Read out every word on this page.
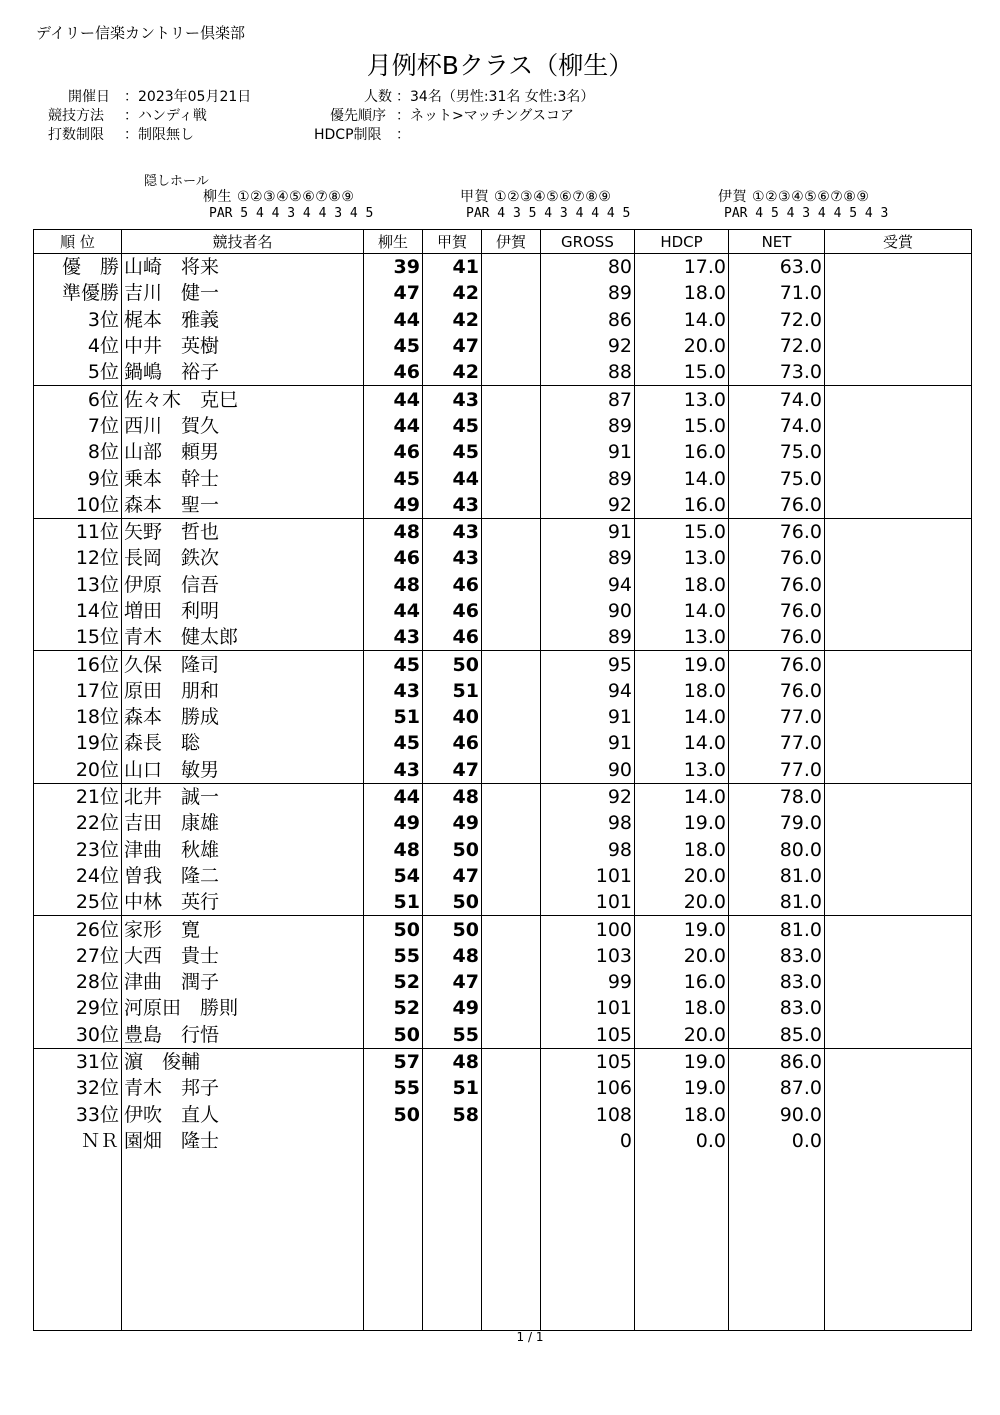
デイリー信楽カントリー倶楽部
月例杯Bクラス（柳生）
開催日 ：2023年05月21日
競技方法 ：ハンディ戦
打数制限 ：制限無し
人数 ：34名（男性:31名 女性:3名）
優先順序 ：ネット>マッチングスコア
HDCP制限 ：
隠しホール
柳生 ①②③④⑤⑥⑦⑧⑨
PAR 5 4 4 3 4 4 3 4 5
甲賀 ①②③④⑤⑥⑦⑧⑨
PAR 4 3 5 4 3 4 4 4 5
伊賀 ①②③④⑤⑥⑦⑧⑨
PAR 4 5 4 3 4 4 5 4 3
順 位	競技者名	柳生	甲賀	伊賀	GROSS	HDCP	NET	受賞
優　勝	山崎　将来	39	41		80	17.0	63.0	
準優勝	吉川　健一	47	42		89	18.0	71.0	
3位	梶本　雅義	44	42		86	14.0	72.0	
4位	中井　英樹	45	47		92	20.0	72.0	
5位	鍋嶋　裕子	46	42		88	15.0	73.0	
6位	佐々木　克巳	44	43		87	13.0	74.0	
7位	西川　賀久	44	45		89	15.0	74.0	
8位	山部　頼男	46	45		91	16.0	75.0	
9位	乗本　幹士	45	44		89	14.0	75.0	
10位	森本　聖一	49	43		92	16.0	76.0	
11位	矢野　哲也	48	43		91	15.0	76.0	
12位	長岡　鉄次	46	43		89	13.0	76.0	
13位	伊原　信吾	48	46		94	18.0	76.0	
14位	増田　利明	44	46		90	14.0	76.0	
15位	青木　健太郎	43	46		89	13.0	76.0	
16位	久保　隆司	45	50		95	19.0	76.0	
17位	原田　朋和	43	51		94	18.0	76.0	
18位	森本　勝成	51	40		91	14.0	77.0	
19位	森長　聡	45	46		91	14.0	77.0	
20位	山口　敏男	43	47		90	13.0	77.0	
21位	北井　誠一	44	48		92	14.0	78.0	
22位	吉田　康雄	49	49		98	19.0	79.0	
23位	津曲　秋雄	48	50		98	18.0	80.0	
24位	曽我　隆二	54	47		101	20.0	81.0	
25位	中林　英行	51	50		101	20.0	81.0	
26位	家形　寛	50	50		100	19.0	81.0	
27位	大西　貴士	55	48		103	20.0	83.0	
28位	津曲　潤子	52	47		99	16.0	83.0	
29位	河原田　勝則	52	49		101	18.0	83.0	
30位	豊島　行悟	50	55		105	20.0	85.0	
31位	濵　俊輔	57	48		105	19.0	86.0	
32位	青木　邦子	55	51		106	19.0	87.0	
33位	伊吹　直人	50	58		108	18.0	90.0	
ＮＲ	園畑　隆士				0	0.0	0.0	

1 / 1
